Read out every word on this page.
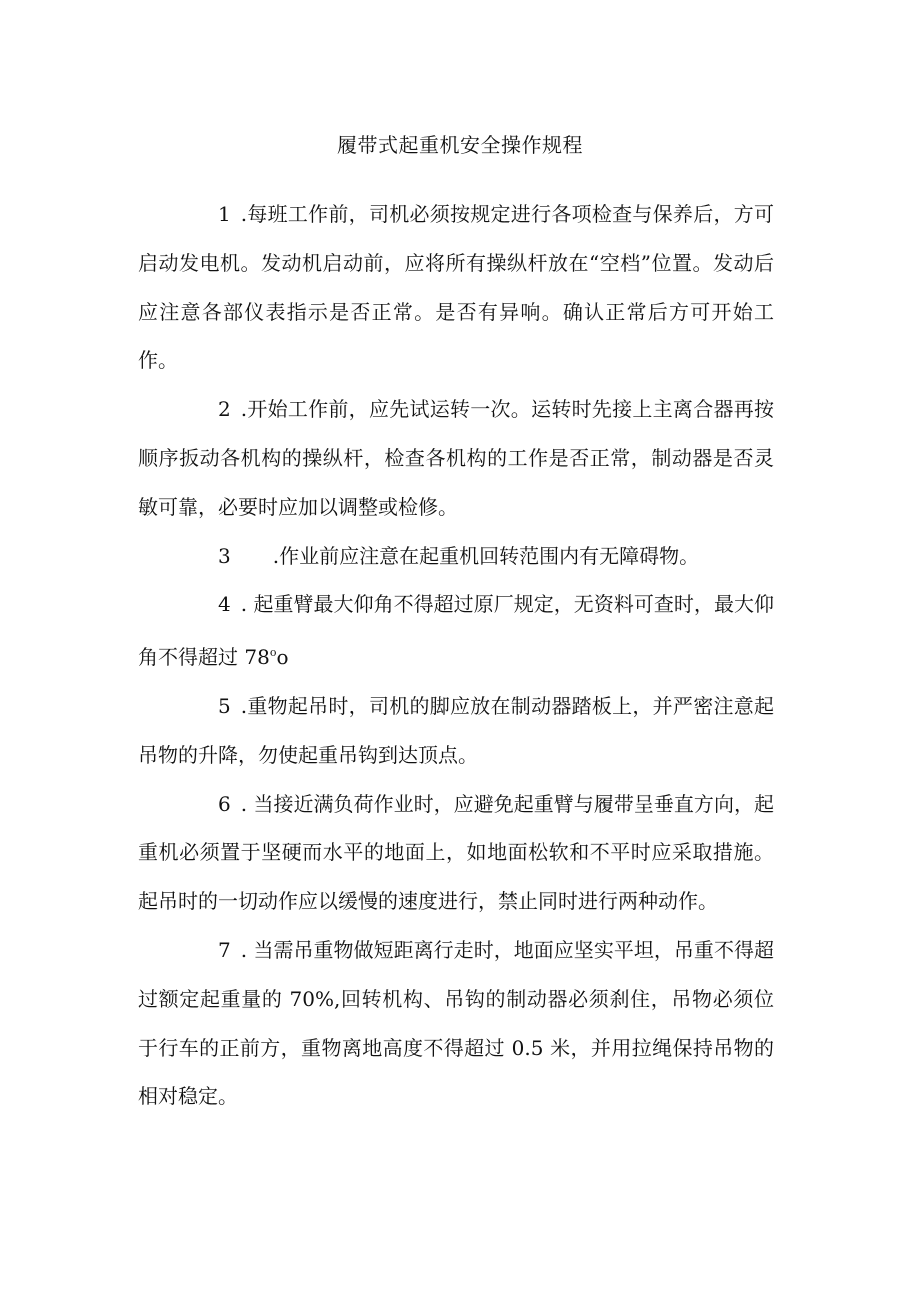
履带式起重机安全操作规程

1 .每班工作前，司机必须按规定进行各项检查与保养后，方可启动发电机。发动机启动前，应将所有操纵杆放在“空档”位置。发动后应注意各部仪表指示是否正常。是否有异响。确认正常后方可开始工作。

2 .开始工作前，应先试运转一次。运转时先接上主离合器再按顺序扳动各机构的操纵杆，检查各机构的工作是否正常，制动器是否灵敏可靠，必要时应加以调整或检修。

3 .作业前应注意在起重机回转范围内有无障碍物。

4 . 起重臂最大仰角不得超过原厂规定，无资料可查时，最大仰角不得超过 78$^o$o

5 .重物起吊时，司机的脚应放在制动器踏板上，并严密注意起吊物的升降，勿使起重吊钩到达顶点。

6 . 当接近满负荷作业时，应避免起重臂与履带呈垂直方向，起重机必须置于坚硬而水平的地面上，如地面松软和不平时应采取措施。起吊时的一切动作应以缓慢的速度进行，禁止同时进行两种动作。

7 . 当需吊重物做短距离行走时，地面应坚实平坦，吊重不得超过额定起重量的 70%,回转机构、吊钩的制动器必须刹住，吊物必须位于行车的正前方，重物离地高度不得超过 0.5 米，并用拉绳保持吊物的相对稳定。
